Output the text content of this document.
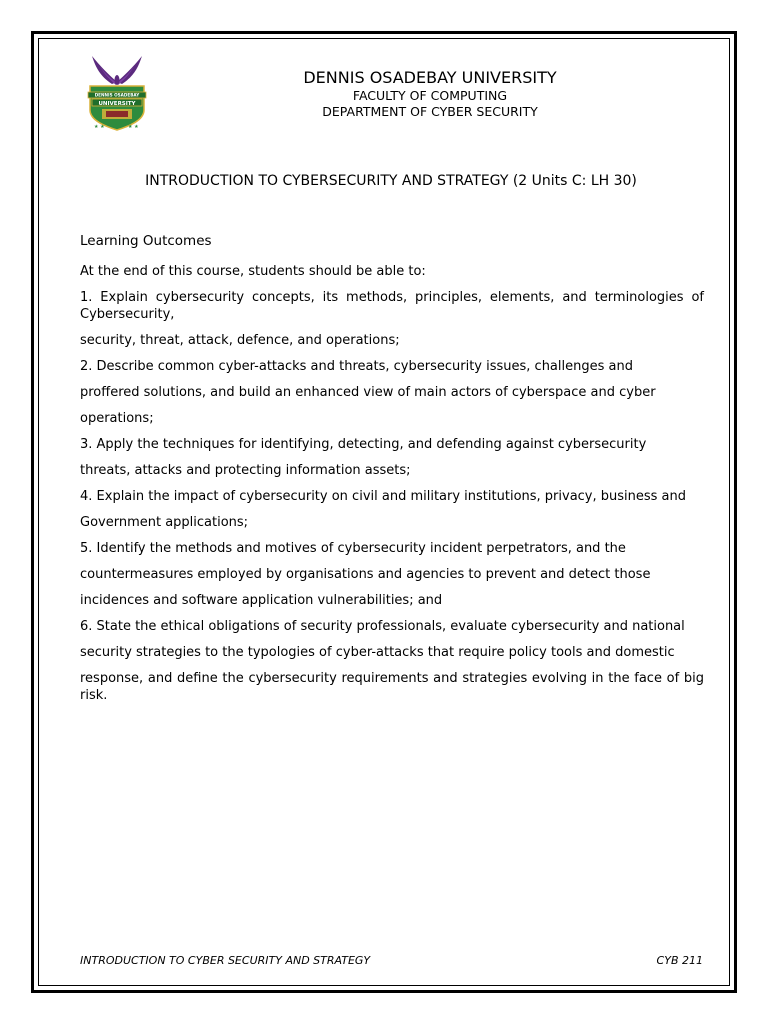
DENNIS OSADEBAY
UNIVERSITY
★ ★	★ ★
DENNIS OSADEBAY UNIVERSITY
FACULTY OF COMPUTING
DEPARTMENT OF CYBER SECURITY
INTRODUCTION TO CYBERSECURITY AND STRATEGY (2 Units C: LH 30)
Learning Outcomes

At the end of this course, students should be able to:

1. Explain cybersecurity concepts, its methods, principles, elements, and terminologies of Cybersecurity,

security, threat, attack, defence, and operations;

2. Describe common cyber-attacks and threats, cybersecurity issues, challenges and

proffered solutions, and build an enhanced view of main actors of cyberspace and cyber

operations;

3. Apply the techniques for identifying, detecting, and defending against cybersecurity

threats, attacks and protecting information assets;

4. Explain the impact of cybersecurity on civil and military institutions, privacy, business and

Government applications;

5. Identify the methods and motives of cybersecurity incident perpetrators, and the

countermeasures employed by organisations and agencies to prevent and detect those

incidences and software application vulnerabilities; and

6. State the ethical obligations of security professionals, evaluate cybersecurity and national

security strategies to the typologies of cyber-attacks that require policy tools and domestic

response, and define the cybersecurity requirements and strategies evolving in the face of big risk.

INTRODUCTION TO CYBER SECURITY AND STRATEGY	CYB 211
